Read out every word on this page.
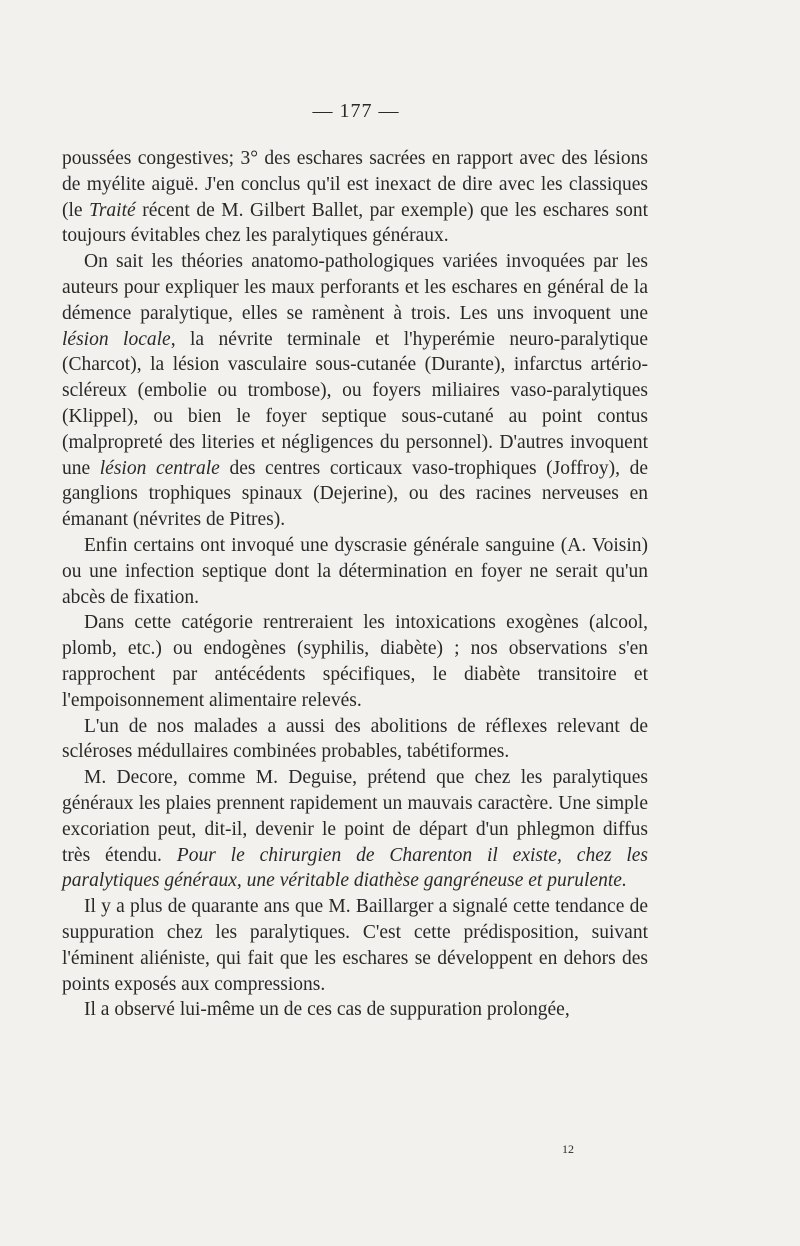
— 177 —

poussées congestives; 3° des eschares sacrées en rapport avec des lésions de myélite aiguë. J'en conclus qu'il est inexact de dire avec les classiques (le Traité récent de M. Gilbert Ballet, par exemple) que les eschares sont toujours évitables chez les paralytiques généraux.

On sait les théories anatomo-pathologiques variées invoquées par les auteurs pour expliquer les maux perforants et les eschares en général de la démence paralytique, elles se ramènent à trois. Les uns invoquent une lésion locale, la névrite terminale et l'hyperémie neuro-paralytique (Charcot), la lésion vasculaire sous-cutanée (Durante), infarctus artério-scléreux (embolie ou trombose), ou foyers miliaires vaso-paralytiques (Klippel), ou bien le foyer septique sous-cutané au point contus (malpropreté des literies et négligences du personnel). D'autres invoquent une lésion centrale des centres corticaux vaso-trophiques (Joffroy), de ganglions trophiques spinaux (Dejerine), ou des racines nerveuses en émanant (névrites de Pitres).

Enfin certains ont invoqué une dyscrasie générale sanguine (A. Voisin) ou une infection septique dont la détermination en foyer ne serait qu'un abcès de fixation.

Dans cette catégorie rentreraient les intoxications exogènes (alcool, plomb, etc.) ou endogènes (syphilis, diabète) ; nos observations s'en rapprochent par antécédents spécifiques, le diabète transitoire et l'empoisonnement alimentaire relevés.

L'un de nos malades a aussi des abolitions de réflexes relevant de scléroses médullaires combinées probables, tabétiformes.

M. Decore, comme M. Deguise, prétend que chez les paralytiques généraux les plaies prennent rapidement un mauvais caractère. Une simple excoriation peut, dit-il, devenir le point de départ d'un phlegmon diffus très étendu. Pour le chirurgien de Charenton il existe, chez les paralytiques généraux, une véritable diathèse gangréneuse et purulente.

Il y a plus de quarante ans que M. Baillarger a signalé cette tendance de suppuration chez les paralytiques. C'est cette prédisposition, suivant l'éminent aliéniste, qui fait que les eschares se développent en dehors des points exposés aux compressions.

Il a observé lui-même un de ces cas de suppuration prolongée,

12
